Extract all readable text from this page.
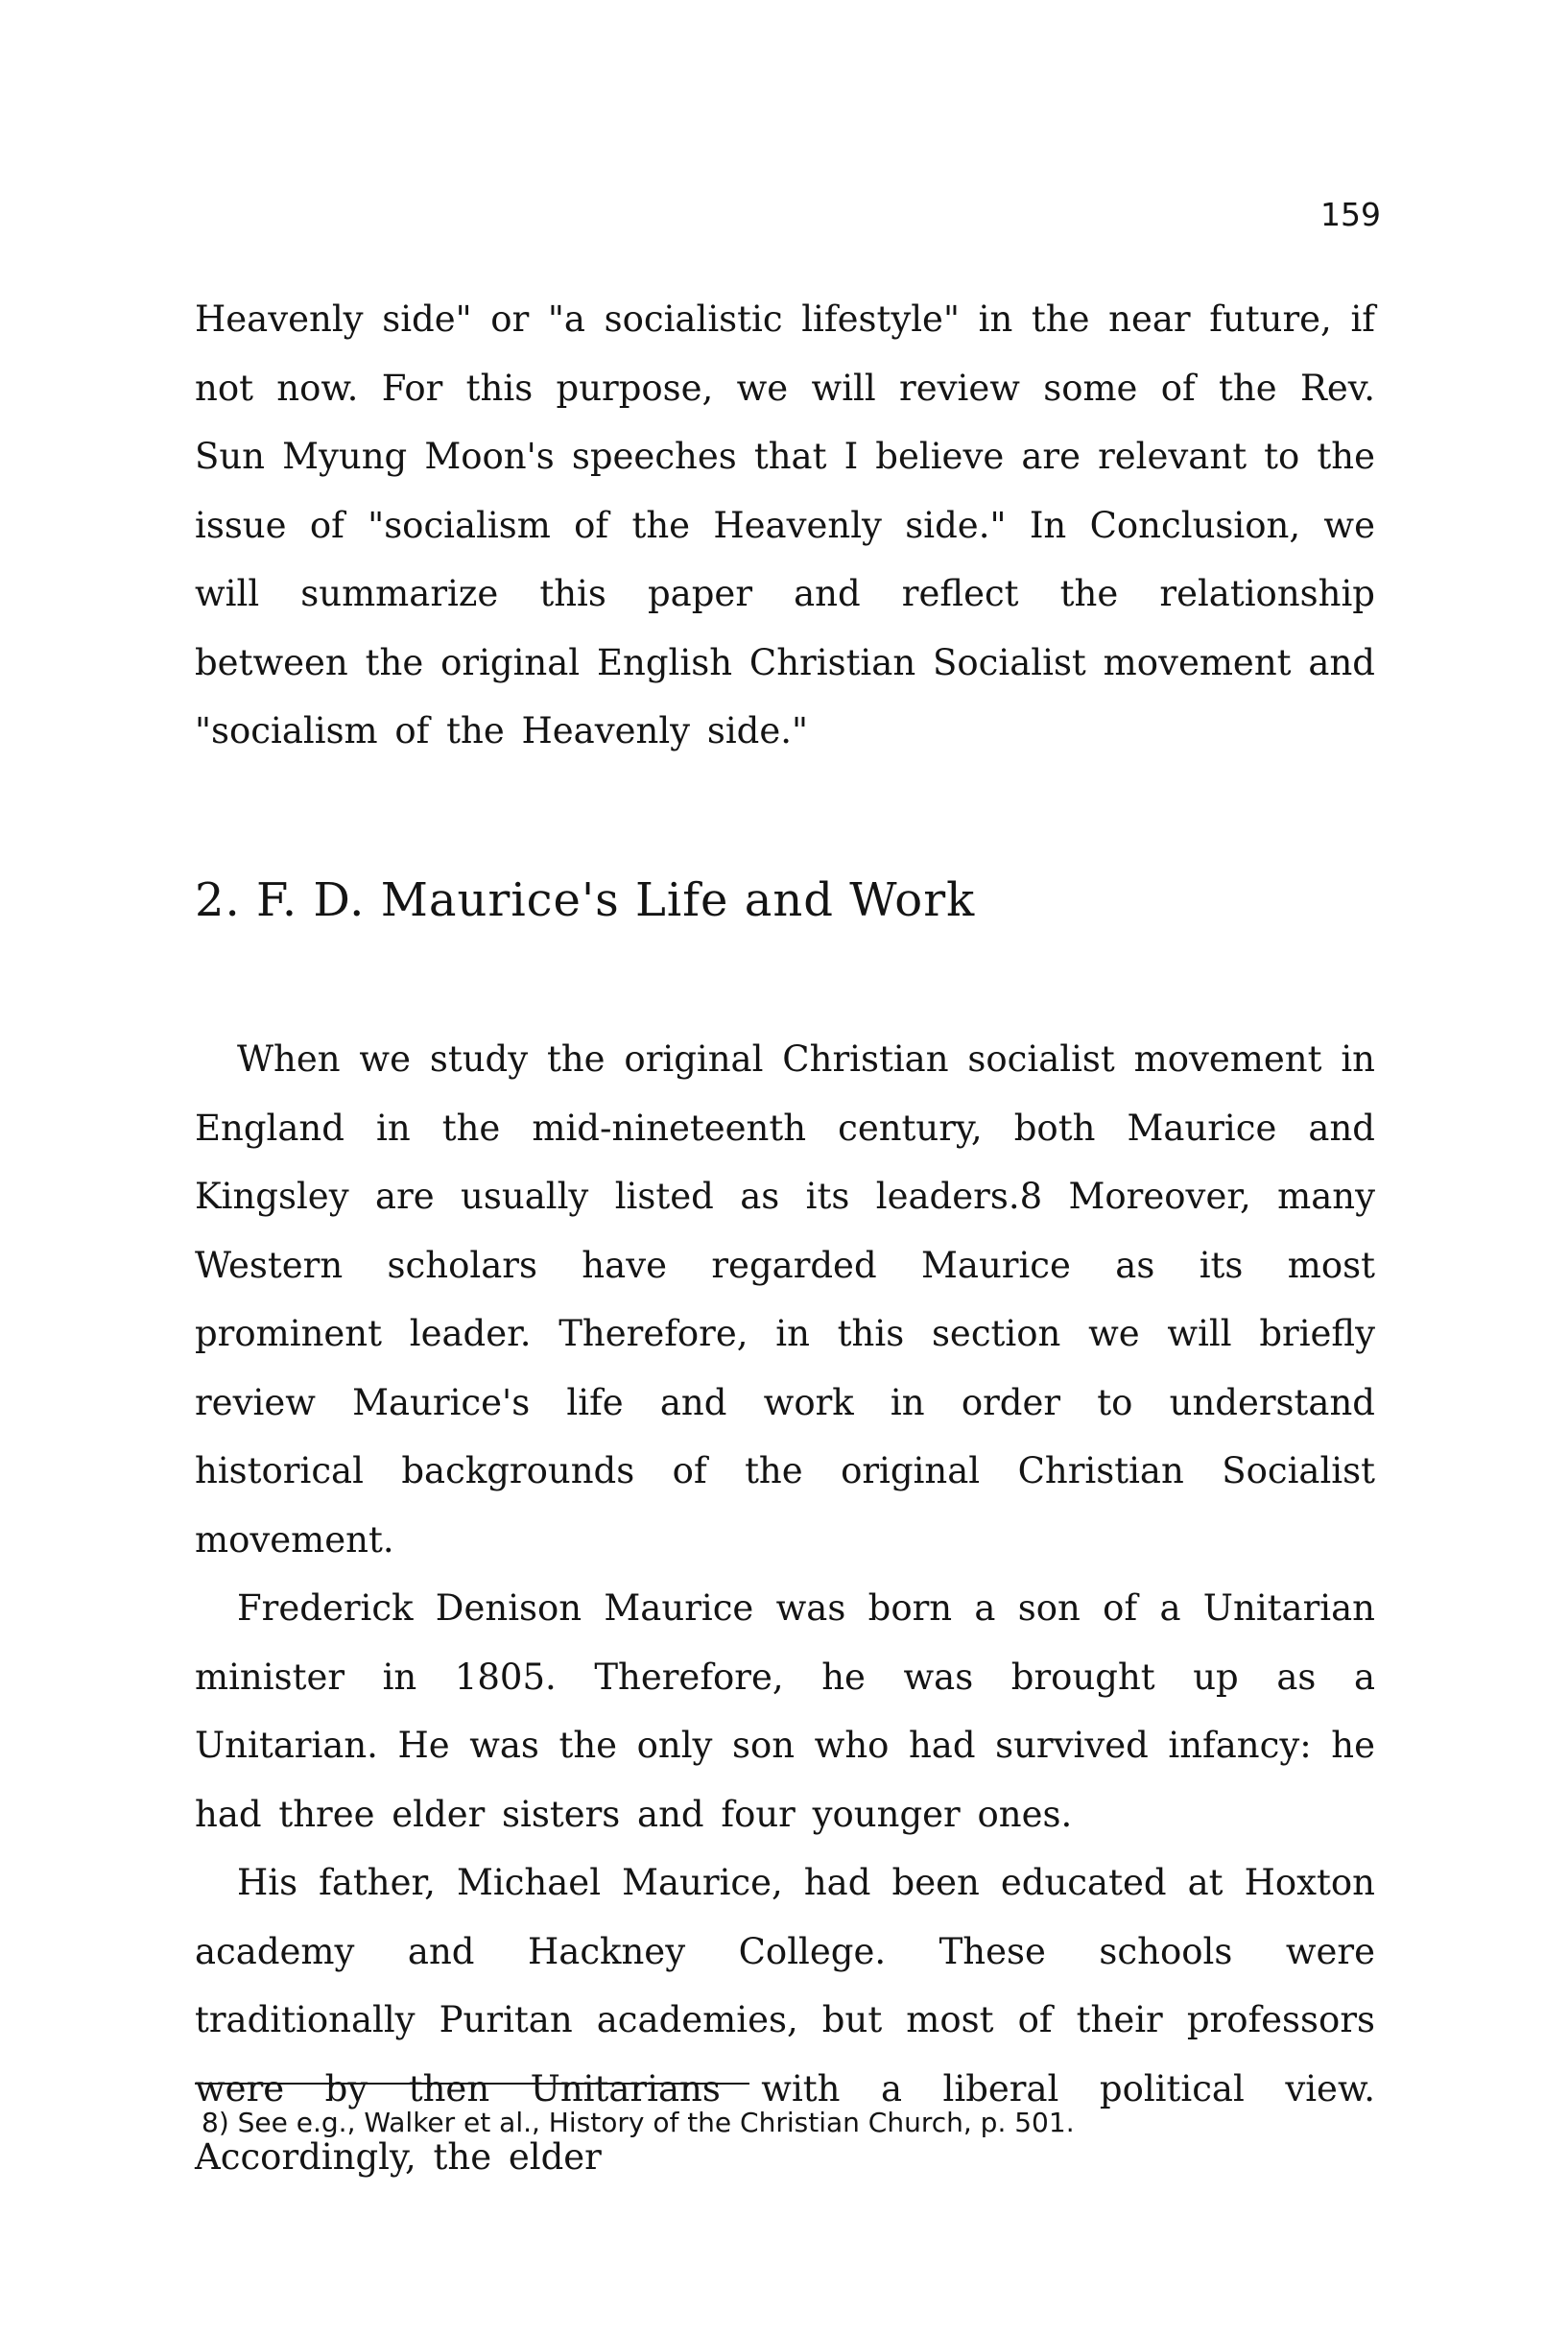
159

Heavenly side" or "a socialistic lifestyle" in the near future, if not now. For this purpose, we will review some of the Rev. Sun Myung Moon's speeches that I believe are relevant to the issue of "socialism of the Heavenly side." In Conclusion, we will summarize this paper and reflect the relationship between the original English Christian Socialist movement and "socialism of the Heavenly side."

2. F. D. Maurice's Life and Work

When we study the original Christian socialist movement in England in the mid-nineteenth century, both Maurice and Kingsley are usually listed as its leaders.8 Moreover, many Western scholars have regarded Maurice as its most prominent leader. Therefore, in this section we will briefly review Maurice's life and work in order to understand historical backgrounds of the original Christian Socialist movement.

Frederick Denison Maurice was born a son of a Unitarian minister in 1805. Therefore, he was brought up as a Unitarian. He was the only son who had survived infancy: he had three elder sisters and four younger ones.

His father, Michael Maurice, had been educated at Hoxton academy and Hackney College. These schools were traditionally Puritan academies, but most of their professors were by then Unitarians with a liberal political view. Accordingly, the elder

8) See e.g., Walker et al., History of the Christian Church, p. 501.
